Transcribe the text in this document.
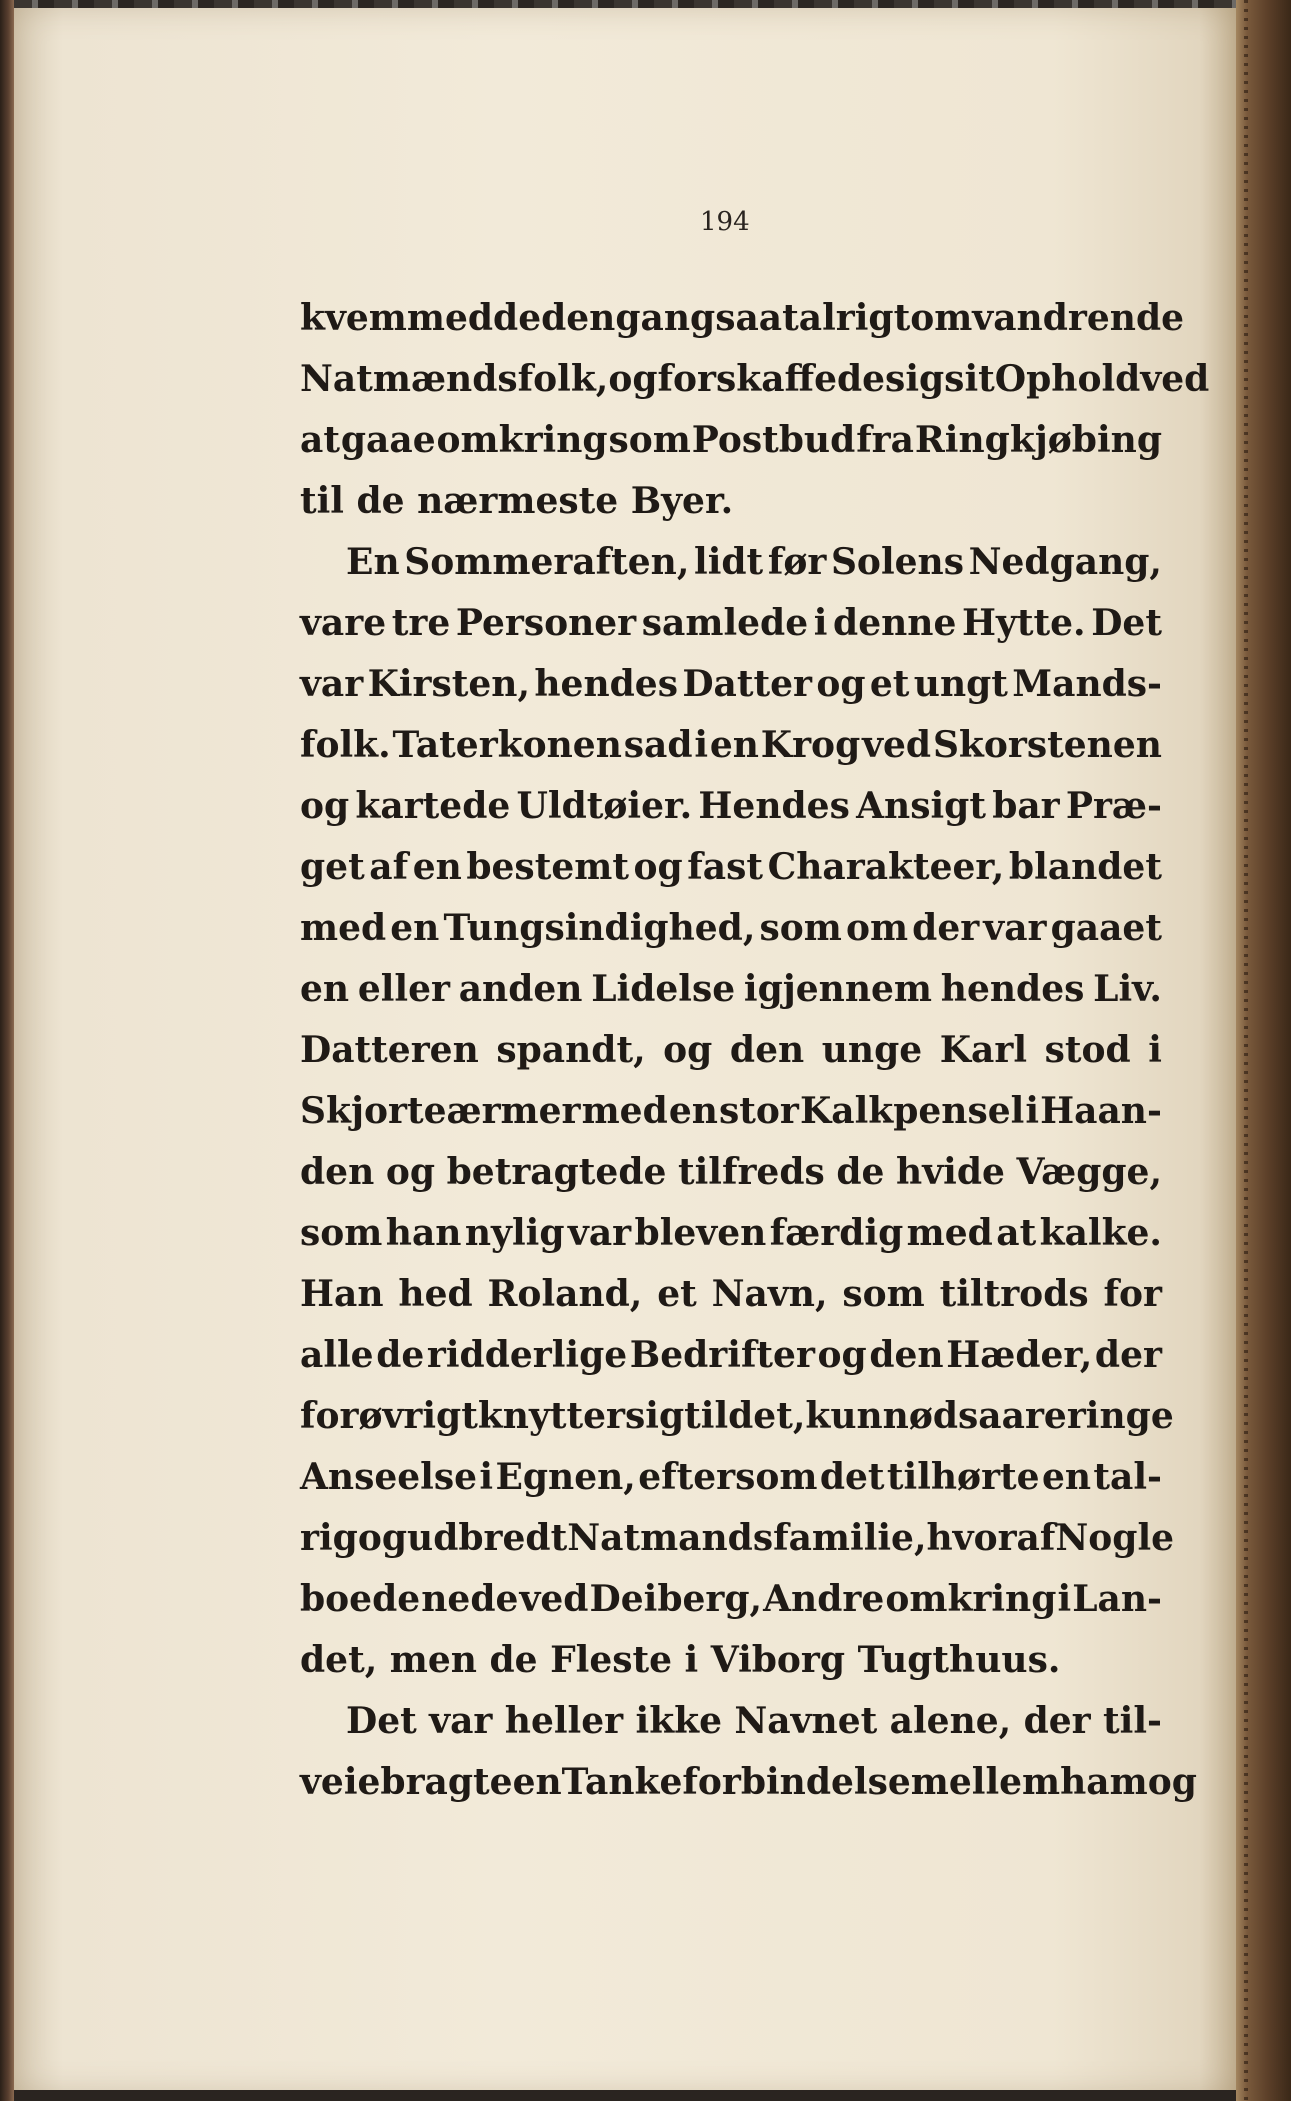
194
kvem med de dengang saa talrigt omvandrende
Natmændsfolk, og forskaffede sig sit Ophold ved
at gaae omkring som Postbud fra Ringkjøbing
til de nærmeste Byer.
En Sommeraften, lidt før Solens Nedgang,
vare tre Personer samlede i denne Hytte. Det
var Kirsten, hendes Datter og et ungt Mands-
folk. Taterkonen sad i en Krog ved Skorstenen
og kartede Uldtøier. Hendes Ansigt bar Præ-
get af en bestemt og fast Charakteer, blandet
med en Tungsindighed, som om der var gaaet
en eller anden Lidelse igjennem hendes Liv.
Datteren spandt, og den unge Karl stod i
Skjorteærmer med en stor Kalkpensel i Haan-
den og betragtede tilfreds de hvide Vægge,
som han nylig var bleven færdig med at kalke.
Han hed Roland, et Navn, som tiltrods for
alle de ridderlige Bedrifter og den Hæder, der
forøvrigt knytter sig til det, kun nød saare ringe
Anseelse i Egnen, eftersom det tilhørte en tal-
rig og udbredt Natmandsfamilie, hvoraf Nogle
boede nede ved Deiberg, Andre omkring i Lan-
det, men de Fleste i Viborg Tugthuus.
Det var heller ikke Navnet alene, der til-
veiebragte en Tankeforbindelse mellem ham og
